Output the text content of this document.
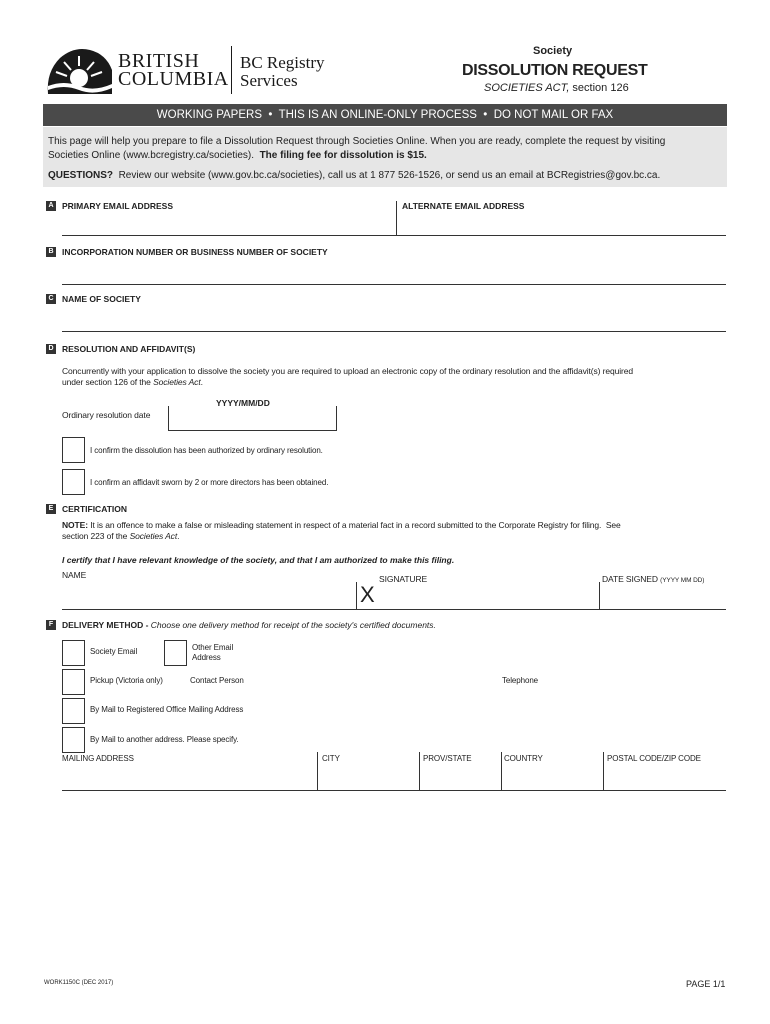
BRITISH
COLUMBIA
BC Registry
Services
Society
DISSOLUTION REQUEST
SOCIETIES ACT, section 126
WORKING PAPERS  •  THIS IS AN ONLINE-ONLY PROCESS  •  DO NOT MAIL OR FAX
This page will help you prepare to file a Dissolution Request through Societies Online. When you are ready, complete the request by visiting
Societies Online (www.bcregistry.ca/societies).  The filing fee for dissolution is $15.
QUESTIONS?  Review our website (www.gov.bc.ca/societies), call us at 1 877 526-1526, or send us an email at BCRegistries@gov.bc.ca.
A PRIMARY EMAIL ADDRESS	ALTERNATE EMAIL ADDRESS
B INCORPORATION NUMBER OR BUSINESS NUMBER OF SOCIETY
C NAME OF SOCIETY
D RESOLUTION AND AFFIDAVIT(S)
Concurrently with your application to dissolve the society you are required to upload an electronic copy of the ordinary resolution and the affidavit(s) required
under section 126 of the Societies Act.
YYYY/MM/DD
Ordinary resolution date
I confirm the dissolution has been authorized by ordinary resolution.
I confirm an affidavit sworn by 2 or more directors has been obtained.
E	CERTIFICATION
NOTE: It is an offence to make a false or misleading statement in respect of a material fact in a record submitted to the Corporate Registry for filing.  See
section 223 of the Societies Act.
I certify that I have relevant knowledge of the society, and that I am authorized to make this filing.
NAME	SIGNATURE	DATE SIGNED (YYYY MM DD)
X
F	DELIVERY METHOD - Choose one delivery method for receipt of the society's certified documents.
Society Email	Other Email Address
Pickup (Victoria only)	Contact Person	Telephone
By Mail to Registered Office Mailing Address
By Mail to another address. Please specify.
MAILING ADDRESS	CITY	PROV/STATE	COUNTRY	POSTAL CODE/ZIP CODE
WORK1150C (DEC 2017)	PAGE 1/1
